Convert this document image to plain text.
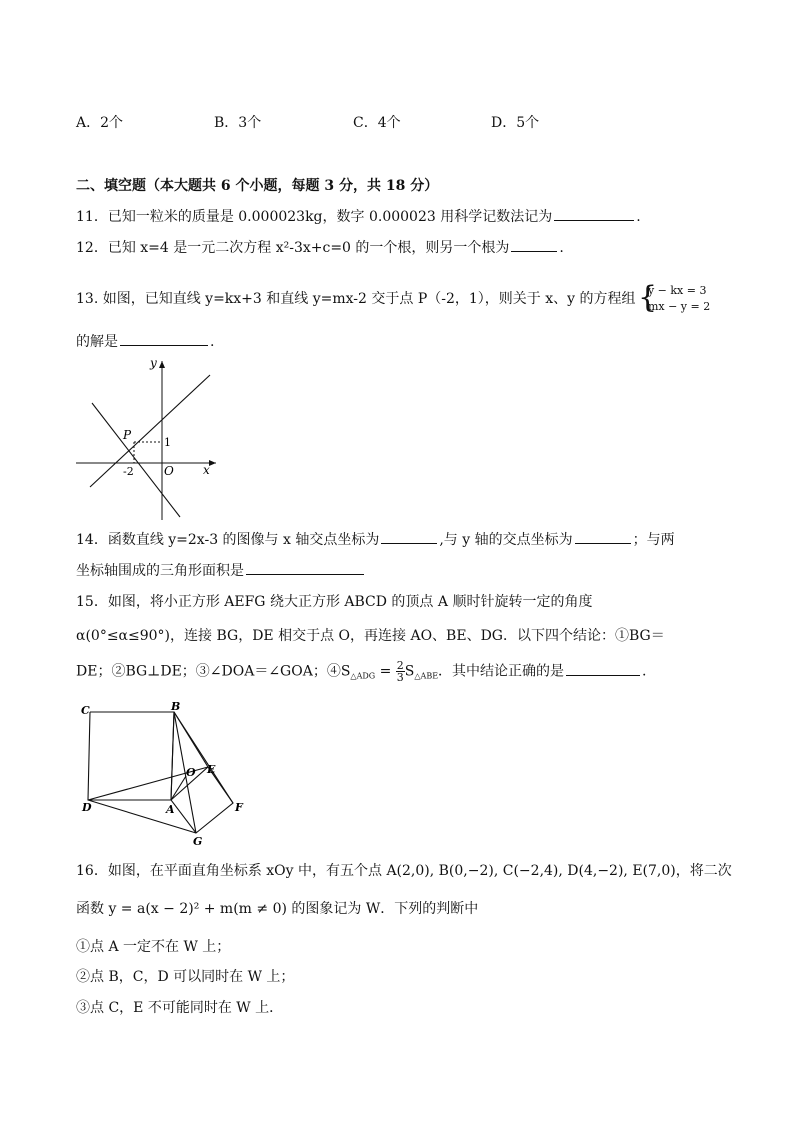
A．2个	B．3个	C．4个	D．5个
二、填空题（本大题共 6 个小题，每题 3 分，共 18 分）
11．已知一粒米的质量是 0.000023kg，数字 0.000023 用科学记数法记为	.
12．已知 x=4 是一元二次方程 x²-3x+c=0 的一个根，则另一个根为	.
13. 如图，已知直线 y=kx+3 和直线 y=mx-2 交于点 P（-2，1），则关于 x、y 的方程组 {
y − kx = 3
mx − y = 2
的解是	.
y
x
P
1
-2	O
14．函数直线 y=2x-3 的图像与 x 轴交点坐标为	,与 y 轴的交点坐标为	；与两
坐标轴围成的三角形面积是
15．如图，将小正方形 AEFG 绕大正方形 ABCD 的顶点 A 顺时针旋转一定的角度
α(0°≤α≤90°)，连接 BG，DE 相交于点 O，再连接 AO、BE、DG．以下四个结论：①BG＝
DE；②BG⊥DE；③∠DOA＝∠GOA；$④S_{\triangle ADG} = \frac{2}{3} S_{\triangle ABE}$．其中结论正确的是	.
C	B
O E
D	A	F
G
16．如图，在平面直角坐标系 xOy 中，有五个点 A(2,0), B(0,−2), C(−2,4), D(4,−2), E(7,0)，将二次
函数 y = a(x − 2)² + m(m ≠ 0) 的图象记为 W．下列的判断中
①点 A 一定不在 W 上；
②点 B，C，D 可以同时在 W 上；
③点 C，E 不可能同时在 W 上．
